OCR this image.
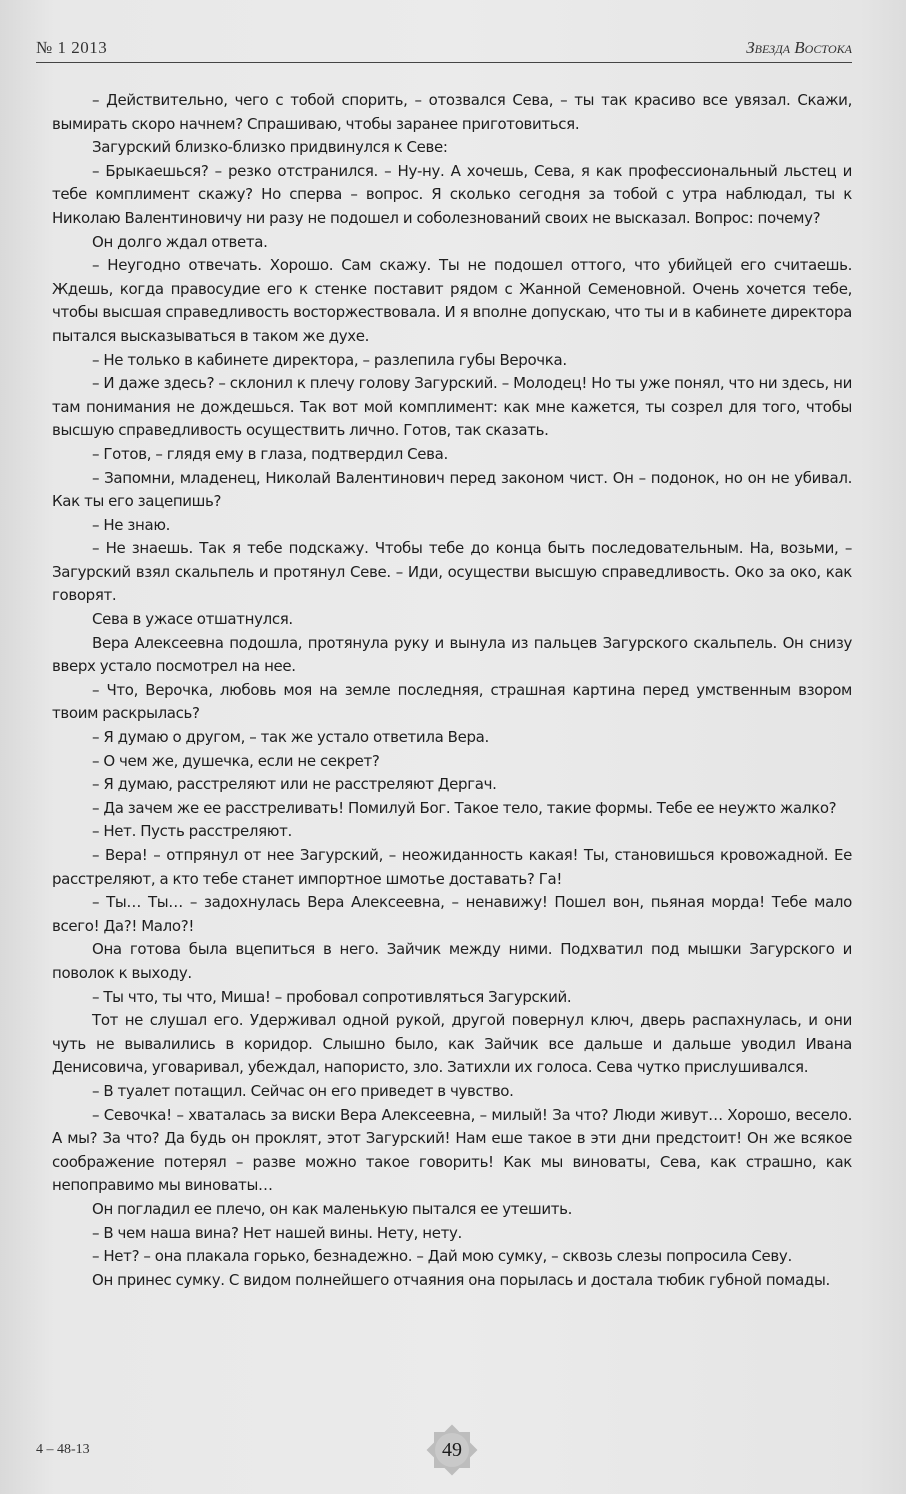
№ 1 2013	Звезда Востока

– Действительно, чего с тобой спорить, – отозвался Сева, – ты так красиво все увязал. Скажи, вымирать скоро начнем? Спрашиваю, чтобы заранее приготовиться.

Загурский близко-близко придвинулся к Севе:

– Брыкаешься? – резко отстранился. – Ну-ну. А хочешь, Сева, я как профессиональный льстец и тебе комплимент скажу? Но сперва – вопрос. Я сколько сегодня за тобой с утра наблюдал, ты к Николаю Валентиновичу ни разу не подошел и соболезнований своих не высказал. Вопрос: почему?

Он долго ждал ответа.

– Неугодно отвечать. Хорошо. Сам скажу. Ты не подошел оттого, что убийцей его считаешь. Ждешь, когда правосудие его к стенке поставит рядом с Жанной Семеновной. Очень хочется тебе, чтобы высшая справедливость восторжествовала. И я вполне допускаю, что ты и в кабинете директора пытался высказываться в таком же духе.

– Не только в кабинете директора, – разлепила губы Верочка.

– И даже здесь? – склонил к плечу голову Загурский. – Молодец! Но ты уже понял, что ни здесь, ни там понимания не дождешься. Так вот мой комплимент: как мне кажется, ты созрел для того, чтобы высшую справедливость осуществить лично. Готов, так сказать.

– Готов, – глядя ему в глаза, подтвердил Сева.

– Запомни, младенец, Николай Валентинович перед законом чист. Он – подонок, но он не убивал. Как ты его зацепишь?

– Не знаю.

– Не знаешь. Так я тебе подскажу. Чтобы тебе до конца быть последовательным. На, возьми, – Загурский взял скальпель и протянул Севе. – Иди, осуществи высшую справедливость. Око за око, как говорят.

Сева в ужасе отшатнулся.

Вера Алексеевна подошла, протянула руку и вынула из пальцев Загурского скальпель. Он снизу вверх устало посмотрел на нее.

– Что, Верочка, любовь моя на земле последняя, страшная картина перед умственным взором твоим раскрылась?

– Я думаю о другом, – так же устало ответила Вера.

– О чем же, душечка, если не секрет?

– Я думаю, расстреляют или не расстреляют Дергач.

– Да зачем же ее расстреливать! Помилуй Бог. Такое тело, такие формы. Тебе ее неужто жалко?

– Нет. Пусть расстреляют.

– Вера! – отпрянул от нее Загурский, – неожиданность какая! Ты, становишься кровожадной. Ее расстреляют, а кто тебе станет импортное шмотье доставать? Га!

– Ты… Ты… – задохнулась Вера Алексеевна, – ненавижу! Пошел вон, пьяная морда! Тебе мало всего! Да?! Мало?!

Она готова была вцепиться в него. Зайчик между ними. Подхватил под мышки Загурского и поволок к выходу.

– Ты что, ты что, Миша! – пробовал сопротивляться Загурский.

Тот не слушал его. Удерживал одной рукой, другой повернул ключ, дверь распахнулась, и они чуть не вывалились в коридор. Слышно было, как Зайчик все дальше и дальше уводил Ивана Денисовича, уговаривал, убеждал, напористо, зло. Затихли их голоса. Сева чутко прислушивался.

– В туалет потащил. Сейчас он его приведет в чувство.

– Севочка! – хваталась за виски Вера Алексеевна, – милый! За что? Люди живут… Хорошо, весело. А мы? За что? Да будь он проклят, этот Загурский! Нам еше такое в эти дни предстоит! Он же всякое соображение потерял – разве можно такое говорить! Как мы виноваты, Сева, как страшно, как непоправимо мы виноваты…

Он погладил ее плечо, он как маленькую пытался ее утешить.

– В чем наша вина? Нет нашей вины. Нету, нету.

– Нет? – она плакала горько, безнадежно. – Дай мою сумку, – сквозь слезы попросила Севу.

Он принес сумку. С видом полнейшего отчаяния она порылась и достала тюбик губной помады.

4 – 48-13	49
